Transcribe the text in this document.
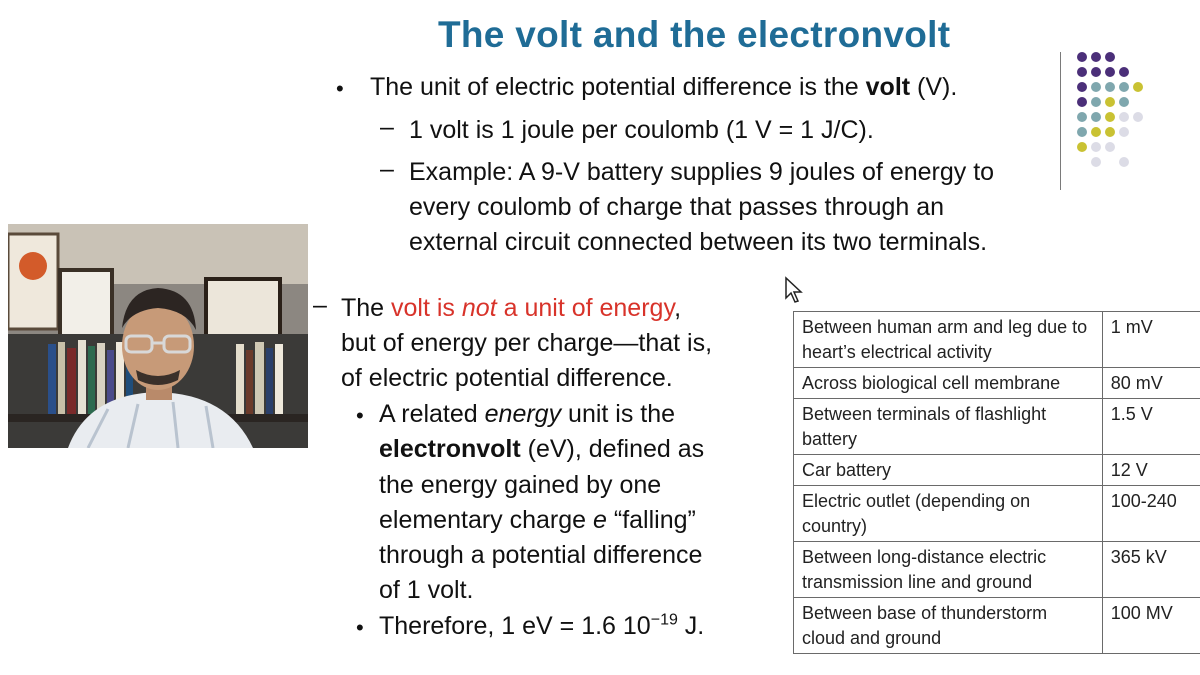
The volt and the electronvolt
• The unit of electric potential difference is the volt (V).
– 1 volt is 1 joule per coulomb (1 V = 1 J/C).
– Example: A 9-V battery supplies 9 joules of energy to
every coulomb of charge that passes through an
external circuit connected between its two terminals.
– The volt is not a unit of energy,
but of energy per charge—that is,
of electric potential difference.
• A related energy unit is the
electronvolt (eV), defined as
the energy gained by one
elementary charge e “falling”
through a potential difference
of 1 volt.
• Therefore, 1 eV = 1.6 $10^{-19}$ J.
Between human arm and leg due to
heart’s electrical activity	1 mV

Across biological cell membrane	80 mV

Between terminals of flashlight
battery	1.5 V

Car battery	12 V

Electric outlet (depending on
country)	100-240

Between long-distance electric
transmission line and ground	365 kV

Between base of thunderstorm
cloud and ground	100 MV
